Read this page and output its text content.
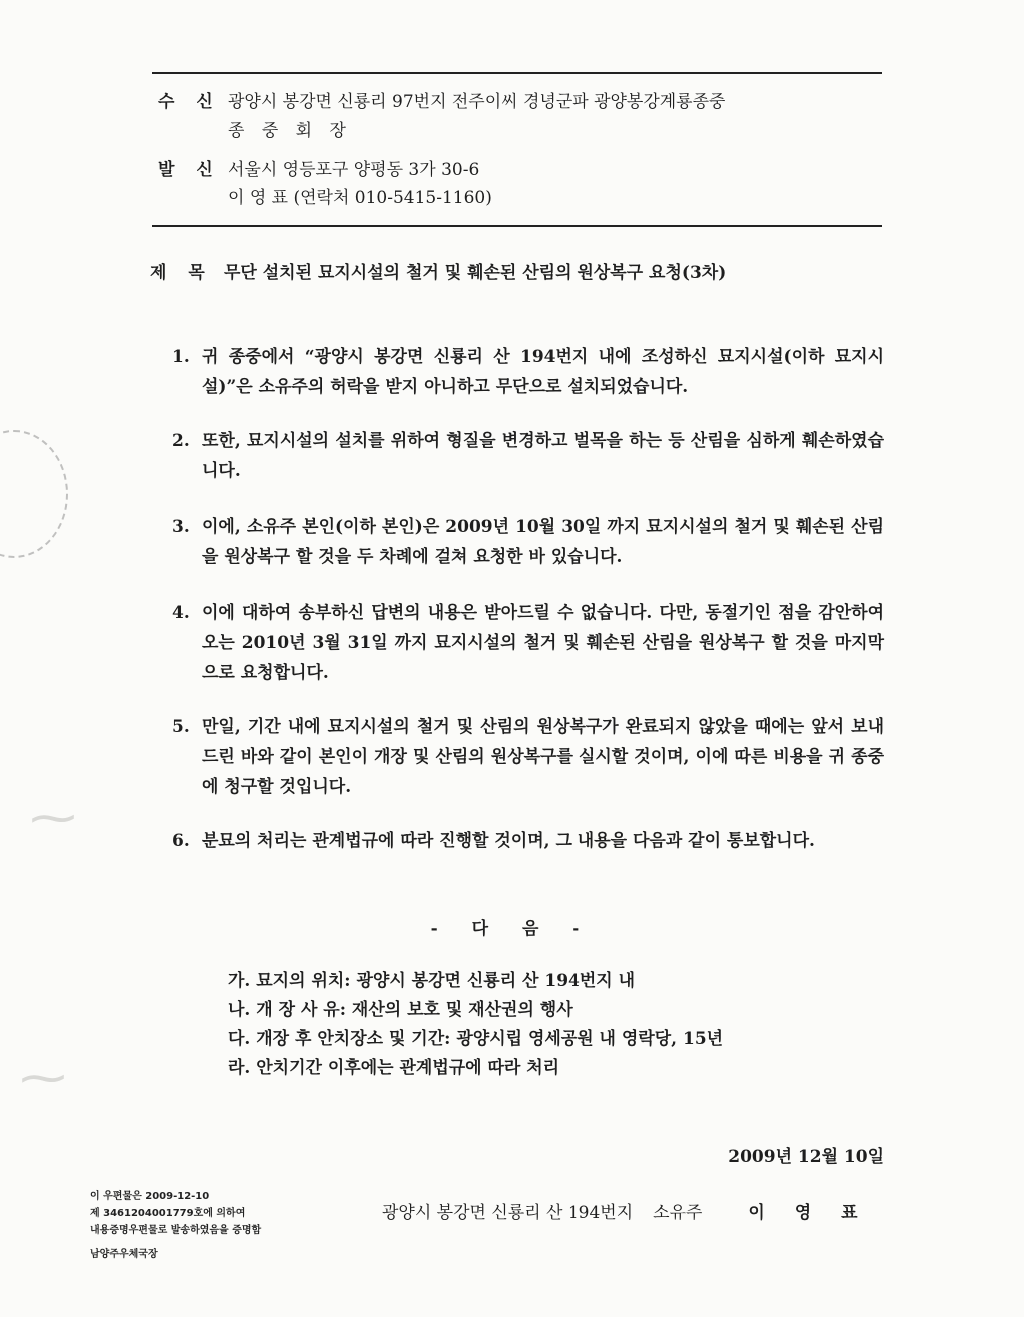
⁓
⁓
수 신 광양시 봉강면 신룡리 97번지 전주이씨 경녕군파 광양봉강계룡종중
종 중 회 장
발 신 서울시 영등포구 양평동 3가 30-6
이 영 표 (연락처 010-5415-1160)
제 목 무단 설치된 묘지시설의 철거 및 훼손된 산림의 원상복구 요청(3차)
1. 귀 종중에서 “광양시 봉강면 신룡리 산 194번지 내에 조성하신 묘지시설(이하 묘지시설)”은 소유주의 허락을 받지 아니하고 무단으로 설치되었습니다.
2. 또한, 묘지시설의 설치를 위하여 형질을 변경하고 벌목을 하는 등 산림을 심하게 훼손하였습니다.
3. 이에, 소유주 본인(이하 본인)은 2009년 10월 30일 까지 묘지시설의 철거 및 훼손된 산림을 원상복구 할 것을 두 차례에 걸쳐 요청한 바 있습니다.
4. 이에 대하여 송부하신 답변의 내용은 받아드릴 수 없습니다. 다만, 동절기인 점을 감안하여 오는 2010년 3월 31일 까지 묘지시설의 철거 및 훼손된 산림을 원상복구 할 것을 마지막으로 요청합니다.
5. 만일, 기간 내에 묘지시설의 철거 및 산림의 원상복구가 완료되지 않았을 때에는 앞서 보내드린 바와 같이 본인이 개장 및 산림의 원상복구를 실시할 것이며, 이에 따른 비용을 귀 종중에 청구할 것입니다.
6. 분묘의 처리는 관계법규에 따라 진행할 것이며, 그 내용을 다음과 같이 통보합니다.
- 다 음 -
가. 묘지의 위치: 광양시 봉강면 신룡리 산 194번지 내
나. 개 장 사 유: 재산의 보호 및 재산권의 행사
다. 개장 후 안치장소 및 기간: 광양시립 영세공원 내 영락당, 15년
라. 안치기간 이후에는 관계법규에 따라 처리
2009년 12월 10일
이 우편물은 2009-12-10
제 3461204001779호에 의하여
내용증명우편물로 발송하였음을 증명함
남양주우체국장
광양시 봉강면 신룡리 산 194번지 소유주	이 영 표
